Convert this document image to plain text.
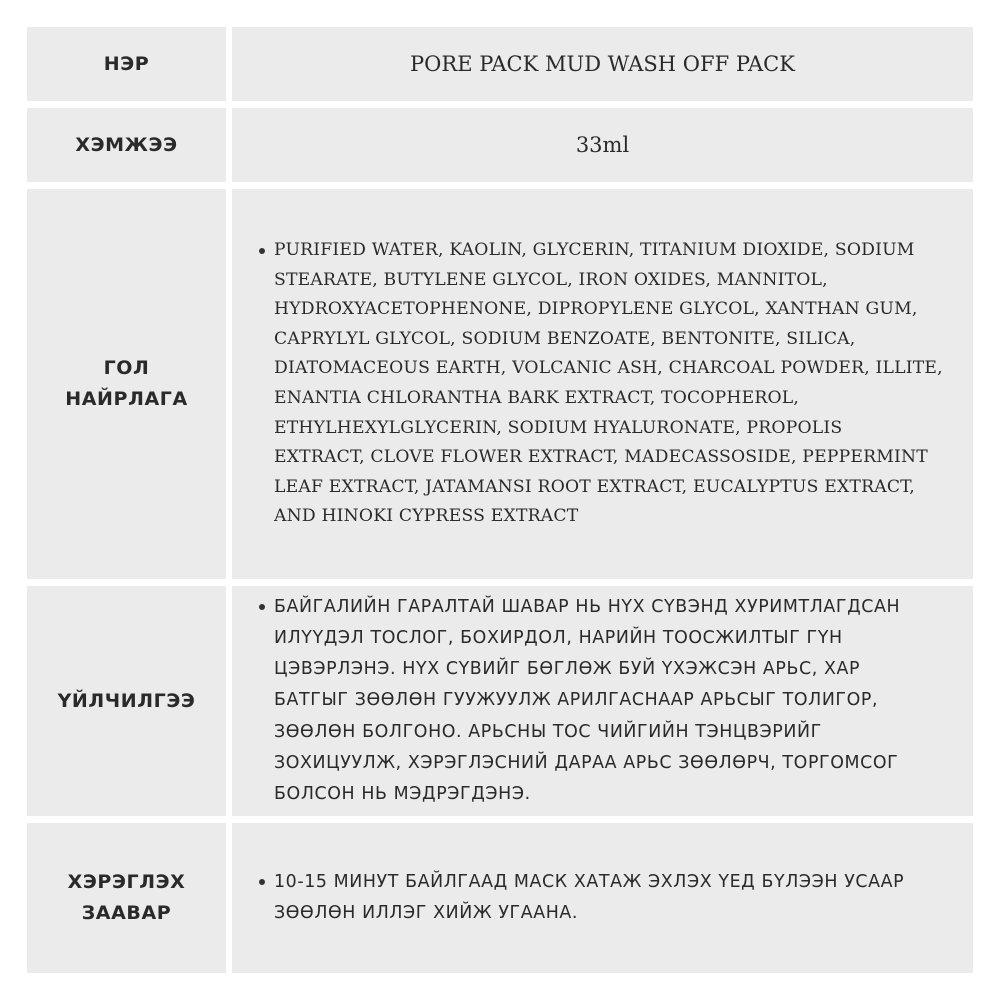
НЭР	PORE PACK MUD WASH OFF PACK
ХЭМЖЭЭ	33ml
ГОЛ
НАЙРЛАГА
PURIFIED WATER, KAOLIN, GLYCERIN, TITANIUM DIOXIDE, SODIUM
STEARATE, BUTYLENE GLYCOL, IRON OXIDES, MANNITOL,
HYDROXYACETOPHENONE, DIPROPYLENE GLYCOL, XANTHAN GUM,
CAPRYLYL GLYCOL, SODIUM BENZOATE, BENTONITE, SILICA,
DIATOMACEOUS EARTH, VOLCANIC ASH, CHARCOAL POWDER, ILLITE,
ENANTIA CHLORANTHA BARK EXTRACT, TOCOPHEROL,
ETHYLHEXYLGLYCERIN, SODIUM HYALURONATE, PROPOLIS
EXTRACT, CLOVE FLOWER EXTRACT, MADECASSOSIDE, PEPPERMINT
LEAF EXTRACT, JATAMANSI ROOT EXTRACT, EUCALYPTUS EXTRACT,
AND HINOKI CYPRESS EXTRACT
ҮЙЛЧИЛГЭЭ
БАЙГАЛИЙН ГАРАЛТАЙ ШАВАР НЬ НҮХ СҮВЭНД ХУРИМТЛАГДСАН
ИЛҮҮДЭЛ ТОСЛОГ, БОХИРДОЛ, НАРИЙН ТООСЖИЛТЫГ ГҮН
ЦЭВЭРЛЭНЭ. НҮХ СҮВИЙГ БӨГЛӨЖ БУЙ ҮХЭЖСЭН АРЬС, ХАР
БАТГЫГ ЗӨӨЛӨН ГУУЖУУЛЖ АРИЛГАСНААР АРЬСЫГ ТОЛИГОР,
ЗӨӨЛӨН БОЛГОНО. АРЬСНЫ ТОС ЧИЙГИЙН ТЭНЦВЭРИЙГ
ЗОХИЦУУЛЖ, ХЭРЭГЛЭСНИЙ ДАРАА АРЬС ЗӨӨЛӨРЧ, ТОРГОМСОГ
БОЛСОН НЬ МЭДРЭГДЭНЭ.
ХЭРЭГЛЭХ
ЗААВАР
10-15 МИНУТ БАЙЛГААД МАСК ХАТАЖ ЭХЛЭХ ҮЕД БҮЛЭЭН УСААР
ЗӨӨЛӨН ИЛЛЭГ ХИЙЖ УГААНА.
